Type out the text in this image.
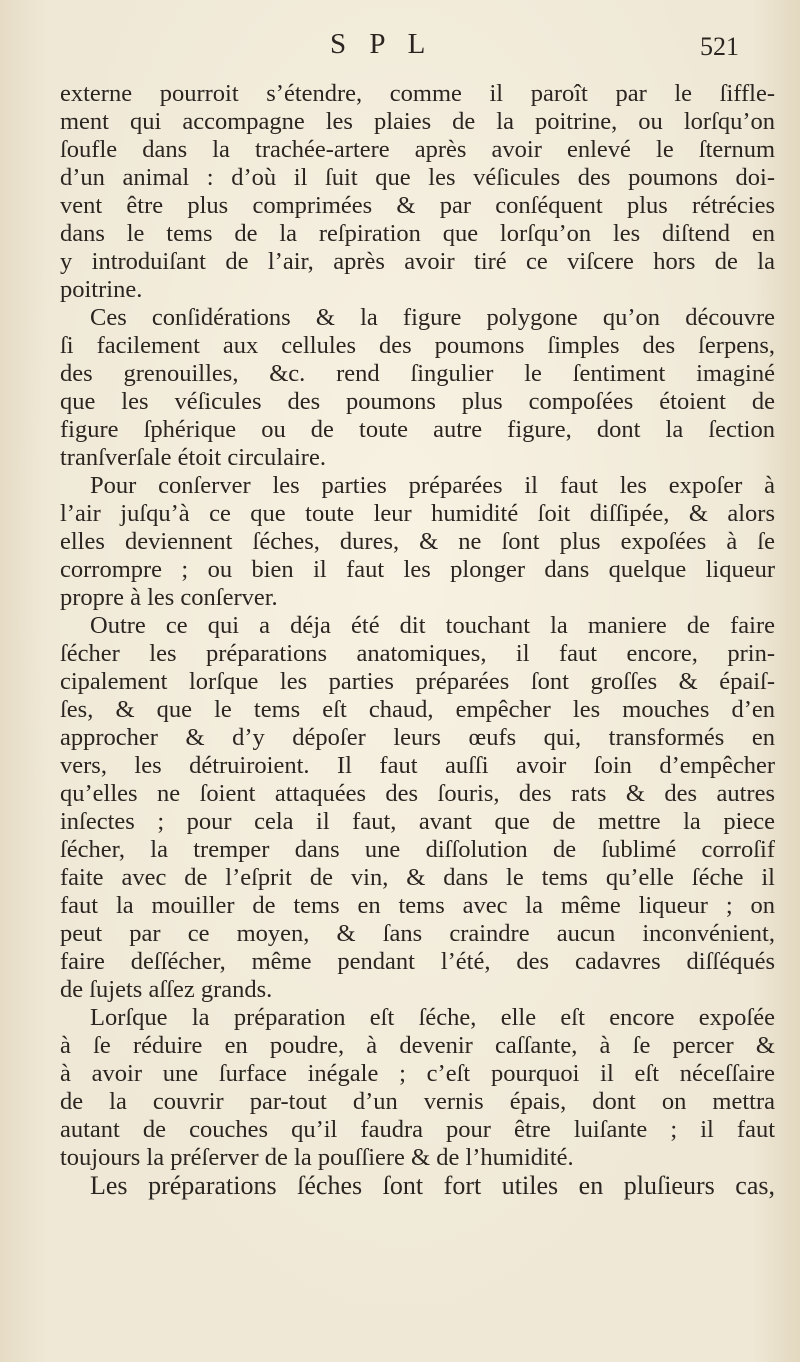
S P L	521
externe pourroit s’étendre, comme il paroît par le ſiffle-
ment qui accompagne les plaies de la poitrine, ou lorſqu’on
ſoufle dans la trachée-artere après avoir enlevé le ſternum
d’un animal : d’où il ſuit que les véſicules des poumons doi-
vent être plus comprimées & par conſéquent plus rétrécies
dans le tems de la reſpiration que lorſqu’on les diſtend en
y introduiſant de l’air, après avoir tiré ce viſcere hors de la
poitrine.
Ces conſidérations & la figure polygone qu’on découvre
ſi facilement aux cellules des poumons ſimples des ſerpens,
des grenouilles, &c. rend ſingulier le ſentiment imaginé
que les véſicules des poumons plus compoſées étoient de
figure ſphérique ou de toute autre figure, dont la ſection
tranſverſale étoit circulaire.
Pour conſerver les parties préparées il faut les expoſer à
l’air juſqu’à ce que toute leur humidité ſoit diſſipée, & alors
elles deviennent ſéches, dures, & ne ſont plus expoſées à ſe
corrompre ; ou bien il faut les plonger dans quelque liqueur
propre à les conſerver.
Outre ce qui a déja été dit touchant la maniere de faire
ſécher les préparations anatomiques, il faut encore, prin-
cipalement lorſque les parties préparées ſont groſſes & épaiſ-
ſes, & que le tems eſt chaud, empêcher les mouches d’en
approcher & d’y dépoſer leurs œufs qui, transformés en
vers, les détruiroient. Il faut auſſi avoir ſoin d’empêcher
qu’elles ne ſoient attaquées des ſouris, des rats & des autres
inſectes ; pour cela il faut, avant que de mettre la piece
ſécher, la tremper dans une diſſolution de ſublimé corroſif
faite avec de l’eſprit de vin, & dans le tems qu’elle ſéche il
faut la mouiller de tems en tems avec la même liqueur ; on
peut par ce moyen, & ſans craindre aucun inconvénient,
faire deſſécher, même pendant l’été, des cadavres diſſéqués
de ſujets aſſez grands.
Lorſque la préparation eſt ſéche, elle eſt encore expoſée
à ſe réduire en poudre, à devenir caſſante, à ſe percer &
à avoir une ſurface inégale ; c’eſt pourquoi il eſt néceſſaire
de la couvrir par-tout d’un vernis épais, dont on mettra
autant de couches qu’il faudra pour être luiſante ; il faut
toujours la préſerver de la pouſſiere & de l’humidité.
Les préparations ſéches ſont fort utiles en pluſieurs cas,
